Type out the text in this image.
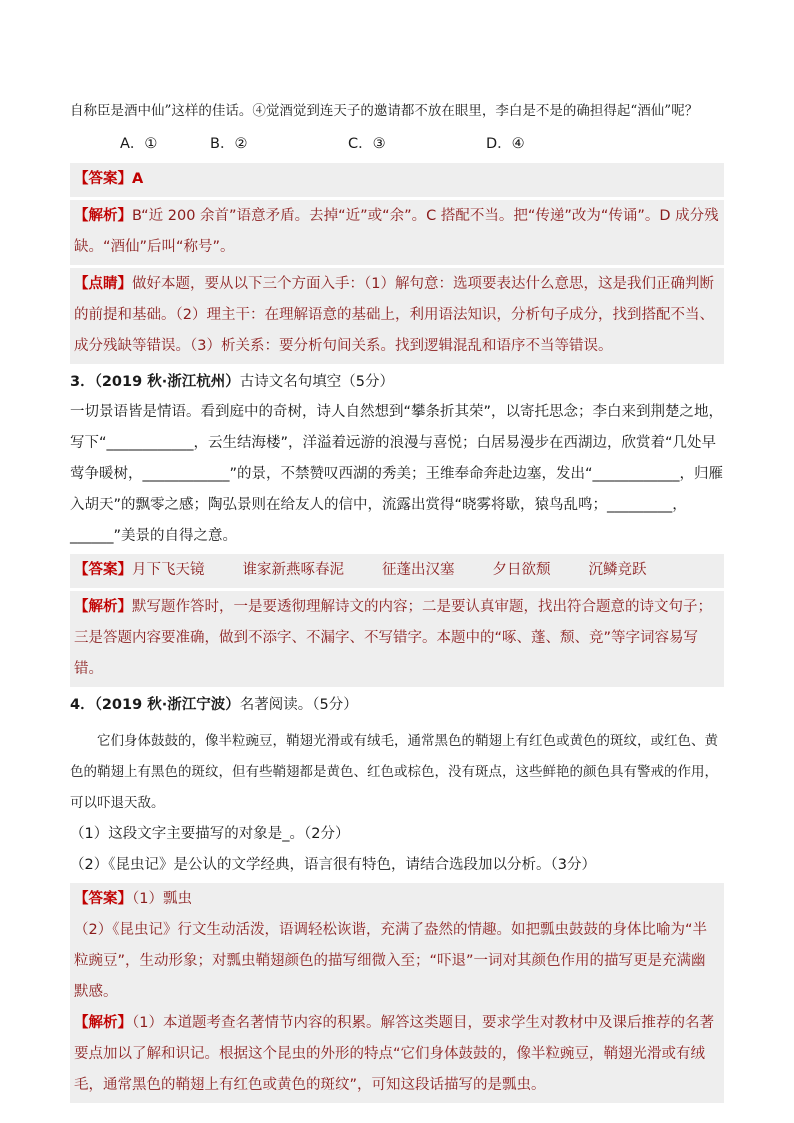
自称臣是酒中仙”这样的佳话。④觉酒觉到连天子的邀请都不放在眼里，李白是不是的确担得起“酒仙”呢？

A．①	B．②	C．③	D．④

【答案】A

【解析】B“近 200 余首”语意矛盾。去掉“近”或“余”。C 搭配不当。把“传递”改为“传诵”。D 成分残缺。“酒仙”后叫“称号”。

【点睛】做好本题，要从以下三个方面入手：（1）解句意：选项要表达什么意思，这是我们正确判断的前提和基础。（2）理主干：在理解语意的基础上，利用语法知识，分析句子成分，找到搭配不当、成分残缺等错误。（3）析关系：要分析句间关系。找到逻辑混乱和语序不当等错误。

3．（2019 秋·浙江杭州）古诗文名句填空（5分）

一切景语皆是情语。看到庭中的奇树，诗人自然想到“攀条折其荣”，以寄托思念；李白来到荆楚之地，写下“____________，云生结海楼”，洋溢着远游的浪漫与喜悦；白居易漫步在西湖边，欣赏着“几处早莺争暖树，____________”的景，不禁赞叹西湖的秀美；王维奉命奔赴边塞，发出“____________，归雁入胡天”的飘零之感；陶弘景则在给友人的信中，流露出赏得“晓雾将歇，猿鸟乱鸣；_________，______”美景的自得之意。

【答案】月下飞天镜	谁家新燕啄春泥	征蓬出汉塞	夕日欲颓	沉鳞竞跃

【解析】默写题作答时，一是要透彻理解诗文的内容；二是要认真审题，找出符合题意的诗文句子；三是答题内容要准确，做到不添字、不漏字、不写错字。本题中的“啄、蓬、颓、竞”等字词容易写错。

4．（2019 秋·浙江宁波）名著阅读。（5分）

它们身体鼓鼓的，像半粒豌豆，鞘翅光滑或有绒毛，通常黑色的鞘翅上有红色或黄色的斑纹，或红色、黄色的鞘翅上有黑色的斑纹，但有些鞘翅都是黄色、红色或棕色，没有斑点，这些鲜艳的颜色具有警戒的作用，可以吓退天敌。

（1）这段文字主要描写的对象是_。（2分）

（2）《昆虫记》是公认的文学经典，语言很有特色，请结合选段加以分析。（3分）

【答案】（1）瓢虫

（2）《昆虫记》行文生动活泼，语调轻松诙谐，充满了盎然的情趣。如把瓢虫鼓鼓的身体比喻为“半粒豌豆”，生动形象；对瓢虫鞘翅颜色的描写细微入至；“吓退”一词对其颜色作用的描写更是充满幽默感。

【解析】（1）本道题考查名著情节内容的积累。解答这类题目，要求学生对教材中及课后推荐的名著要点加以了解和识记。根据这个昆虫的外形的特点“它们身体鼓鼓的，像半粒豌豆，鞘翅光滑或有绒毛，通常黑色的鞘翅上有红色或黄色的斑纹”，可知这段话描写的是瓢虫。
